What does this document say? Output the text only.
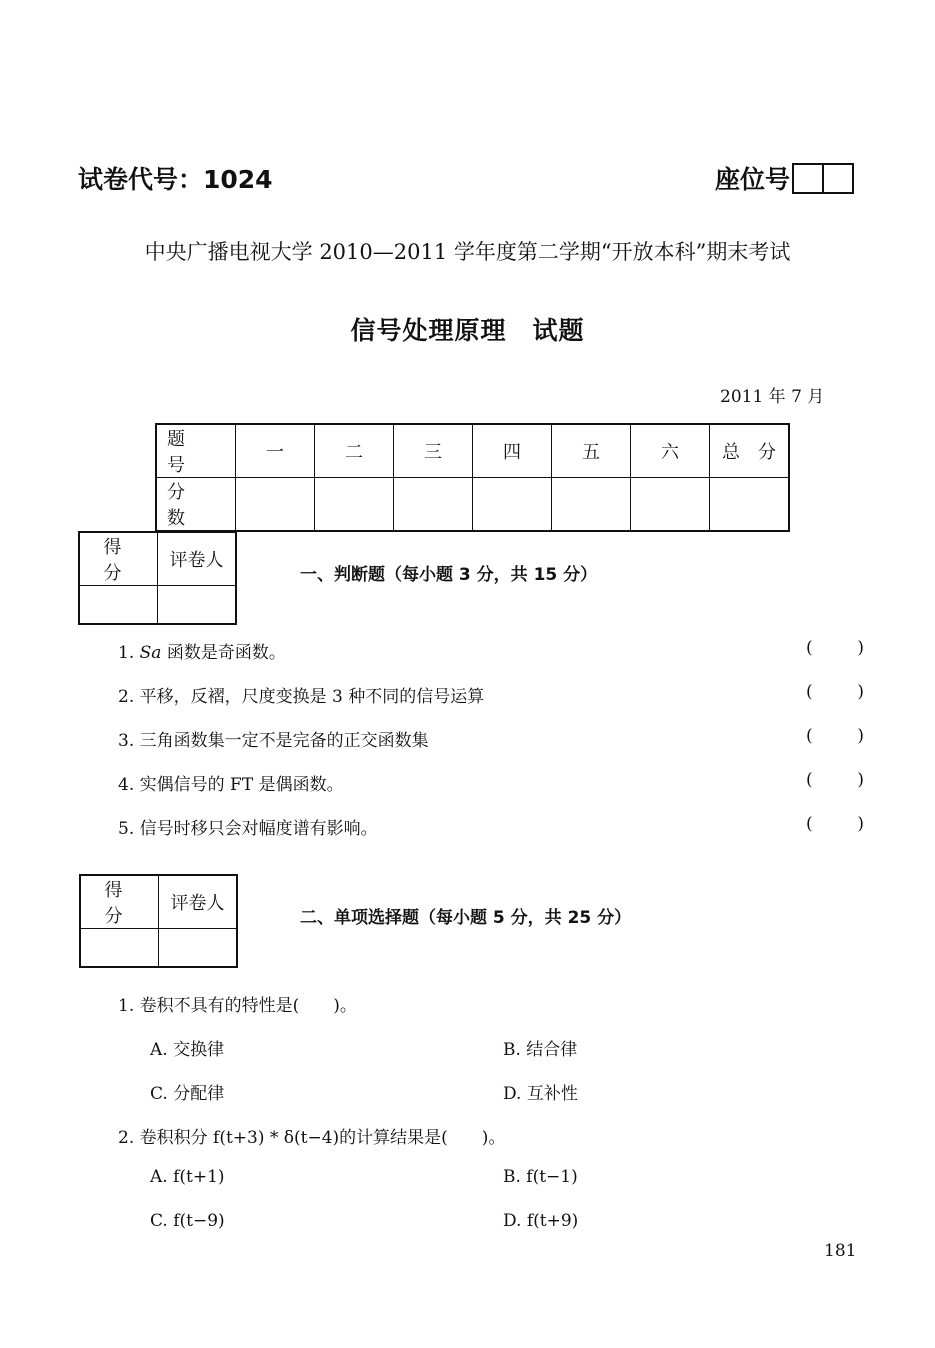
试卷代号：1024	座位号
中央广播电视大学 2010—2011 学年度第二学期“开放本科”期末考试
信号处理原理　试题
2011 年 7 月
题　号	一	二	三	四	五	六	总　分
分　数							
得　分	评卷人

一、判断题（每小题 3 分，共 15 分）
1. Sa 函数是奇函数。	(	)
2. 平移，反褶，尺度变换是 3 种不同的信号运算	(	)
3. 三角函数集一定不是完备的正交函数集	(	)
4. 实偶信号的 FT 是偶函数。	(	)
5. 信号时移只会对幅度谱有影响。	(	)
得　分	评卷人

二、单项选择题（每小题 5 分，共 25 分）
1. 卷积不具有的特性是(　　)。
A. 交换律	B. 结合律
C. 分配律	D. 互补性
2. 卷积积分 f(t+3) * δ(t−4)的计算结果是(　　)。
A. f(t+1)	B. f(t−1)
C. f(t−9)	D. f(t+9)
181
